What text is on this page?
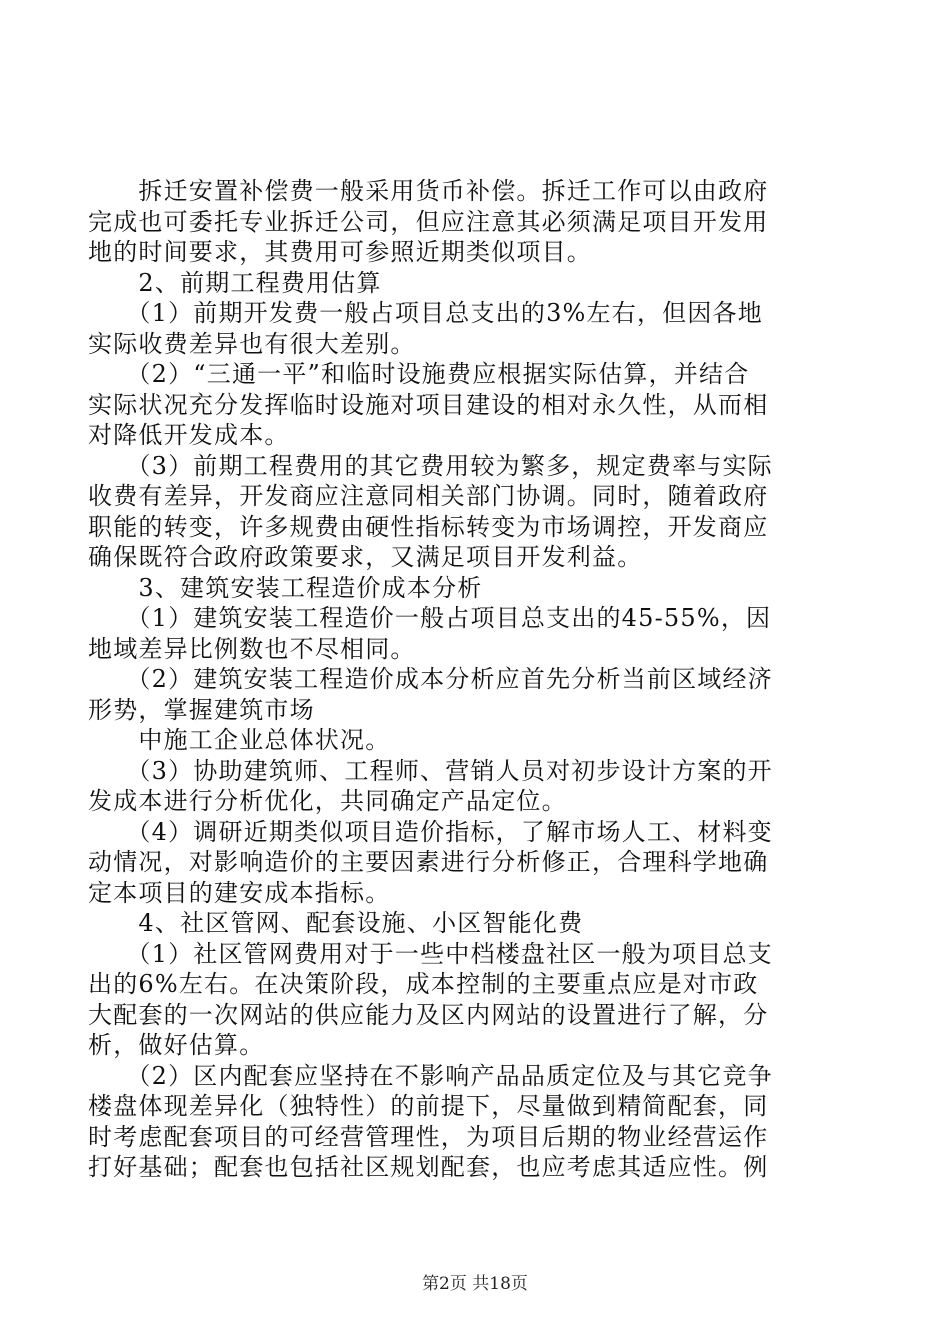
　　拆迁安置补偿费一般采用货币补偿。拆迁工作可以由政府
完成也可委托专业拆迁公司，但应注意其必须满足项目开发用
地的时间要求，其费用可参照近期类似项目。
　　2、前期工程费用估算
　　（1）前期开发费一般占项目总支出的3%左右，但因各地
实际收费差异也有很大差别。
　　（2）“三通一平”和临时设施费应根据实际估算，并结合
实际状况充分发挥临时设施对项目建设的相对永久性，从而相
对降低开发成本。
　　（3）前期工程费用的其它费用较为繁多，规定费率与实际
收费有差异，开发商应注意同相关部门协调。同时，随着政府
职能的转变，许多规费由硬性指标转变为市场调控，开发商应
确保既符合政府政策要求，又满足项目开发利益。
　　3、建筑安装工程造价成本分析
　　（1）建筑安装工程造价一般占项目总支出的45-55%，因
地域差异比例数也不尽相同。
　　（2）建筑安装工程造价成本分析应首先分析当前区域经济
形势，掌握建筑市场
　　中施工企业总体状况。
　　（3）协助建筑师、工程师、营销人员对初步设计方案的开
发成本进行分析优化，共同确定产品定位。
　　（4）调研近期类似项目造价指标，了解市场人工、材料变
动情况，对影响造价的主要因素进行分析修正，合理科学地确
定本项目的建安成本指标。
　　4、社区管网、配套设施、小区智能化费
　　（1）社区管网费用对于一些中档楼盘社区一般为项目总支
出的6%左右。在决策阶段，成本控制的主要重点应是对市政
大配套的一次网站的供应能力及区内网站的设置进行了解，分
析，做好估算。
　　（2）区内配套应坚持在不影响产品品质定位及与其它竞争
楼盘体现差异化（独特性）的前提下，尽量做到精简配套，同
时考虑配套项目的可经营管理性，为项目后期的物业经营运作
打好基础；配套也包括社区规划配套，也应考虑其适应性。例
第2页 共18页
